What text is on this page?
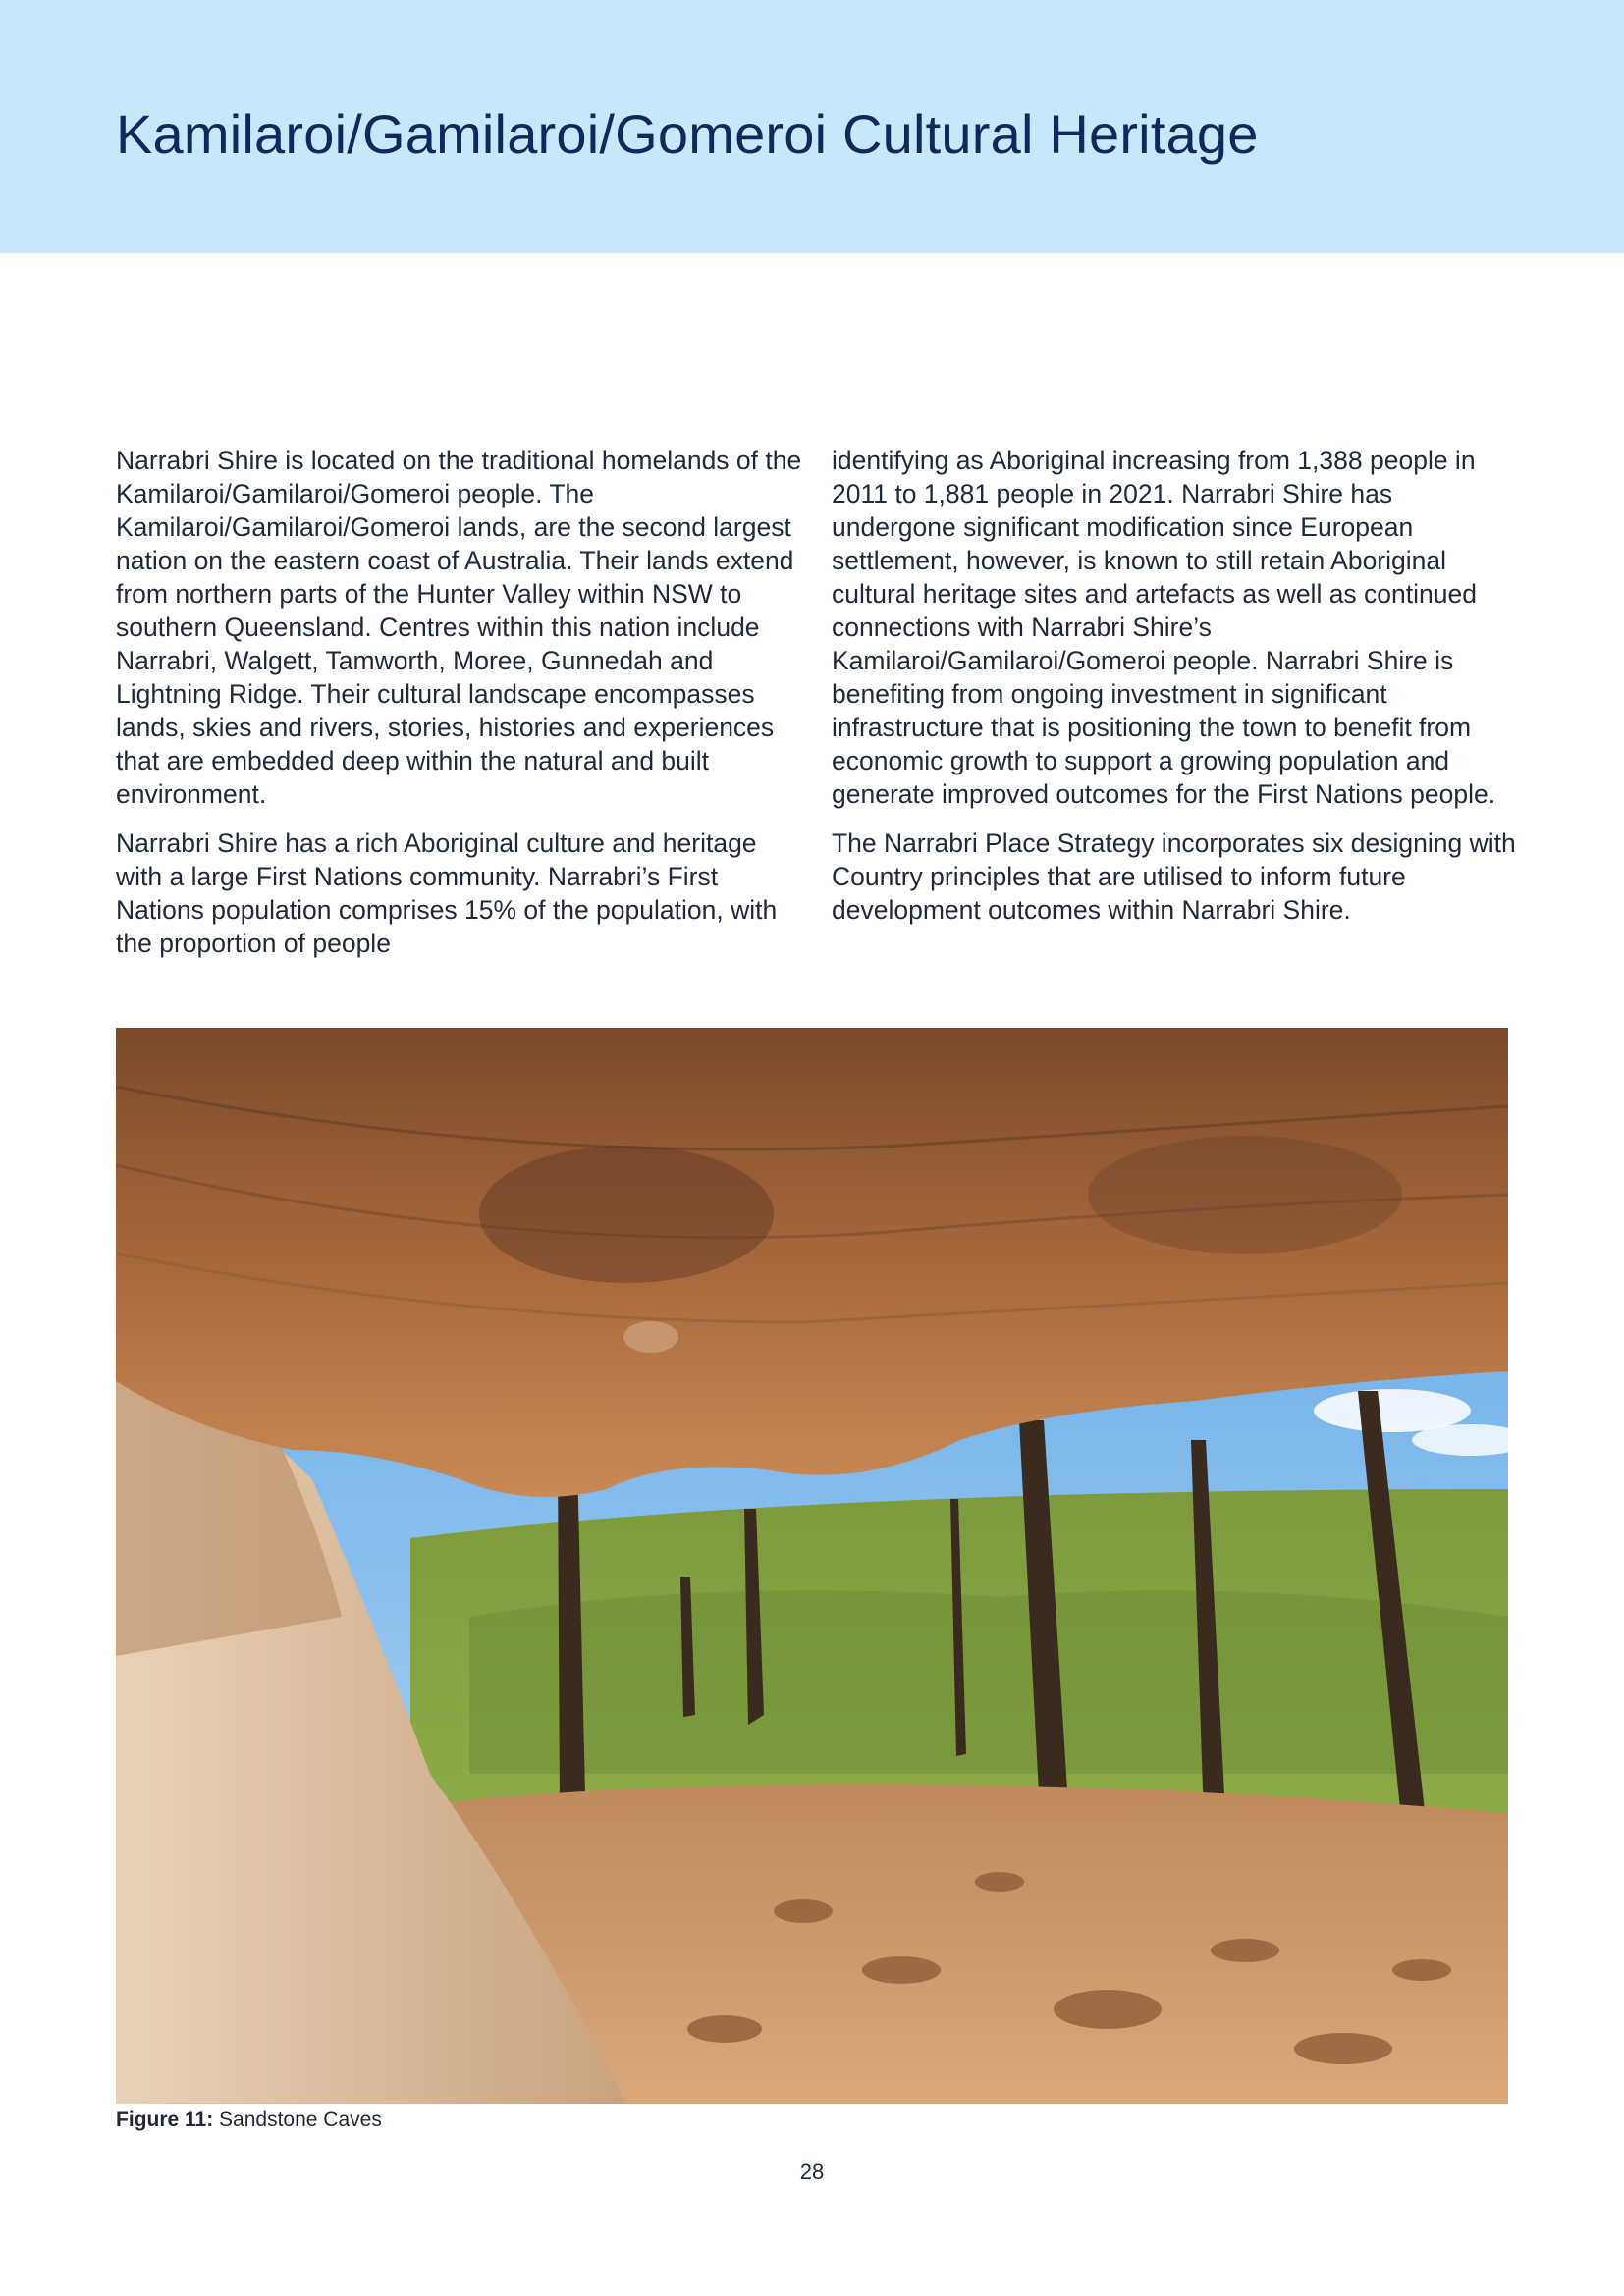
Kamilaroi/Gamilaroi/Gomeroi Cultural Heritage

Narrabri Shire is located on the traditional homelands of the Kamilaroi/Gamilaroi/Gomeroi people. The Kamilaroi/Gamilaroi/Gomeroi lands, are the second largest nation on the eastern coast of Australia. Their lands extend from northern parts of the Hunter Valley within NSW to southern Queensland. Centres within this nation include Narrabri, Walgett, Tamworth, Moree, Gunnedah and Lightning Ridge. Their cultural landscape encompasses lands, skies and rivers, stories, histories and experiences that are embedded deep within the natural and built environment.

Narrabri Shire has a rich Aboriginal culture and heritage with a large First Nations community. Narrabri’s First Nations population comprises 15% of the population, with the proportion of people

identifying as Aboriginal increasing from 1,388 people in 2011 to 1,881 people in 2021. Narrabri Shire has undergone significant modification since European settlement, however, is known to still retain Aboriginal cultural heritage sites and artefacts as well as continued connections with Narrabri Shire’s Kamilaroi/Gamilaroi/Gomeroi people. Narrabri Shire is benefiting from ongoing investment in significant infrastructure that is positioning the town to benefit from economic growth to support a growing population and generate improved outcomes for the First Nations people.

The Narrabri Place Strategy incorporates six designing with Country principles that are utilised to inform future development outcomes within Narrabri Shire.

Figure 11: Sandstone Caves
28
